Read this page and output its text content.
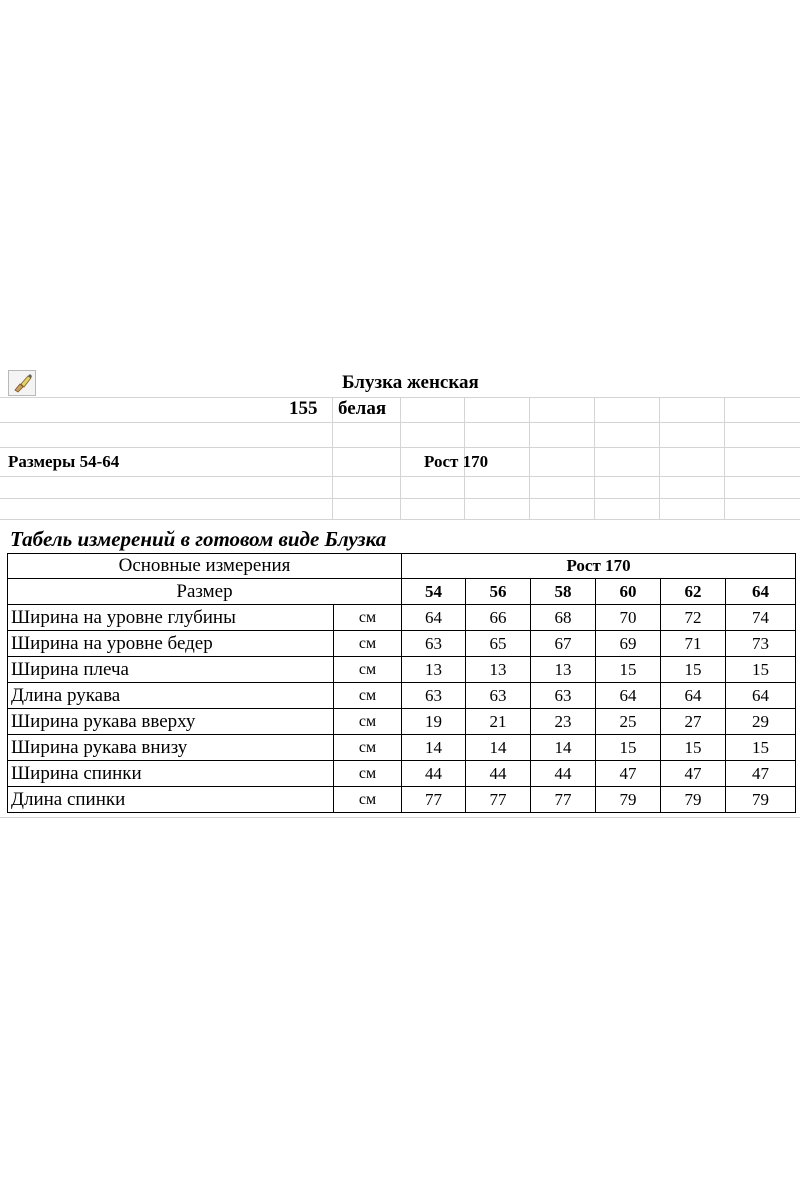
Блузка женская
155 белая
Размеры 54-64	Рост 170
Табель измерений в готовом виде Блузка
Основные измерения		Рост 170					
Размер		54	56	58	60	62	64
Ширина на уровне глубины	см	64	66	68	70	72	74
Ширина на уровне бедер	см	63	65	67	69	71	73
Ширина плеча	см	13	13	13	15	15	15
Длина рукава	см	63	63	63	64	64	64
Ширина рукава вверху	см	19	21	23	25	27	29
Ширина рукава внизу	см	14	14	14	15	15	15
Ширина спинки	см	44	44	44	47	47	47
Длина спинки	см	77	77	77	79	79	79
